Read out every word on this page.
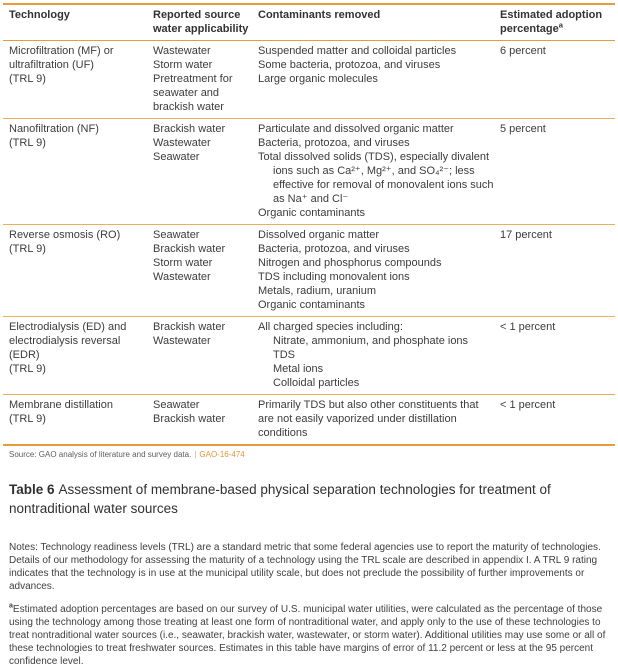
Technology	Reported source water applicability
Contaminants removed	Estimated adoption percentage$^a$
Microfiltration (MF) or ultrafiltration (UF)
(TRL 9)
Wastewater
Storm water
Pretreatment for seawater and brackish water
Suspended matter and colloidal particles
Some bacteria, protozoa, and viruses
Large organic molecules
6 percent
Nanofiltration (NF)
(TRL 9)
Brackish water
Wastewater
Seawater
Particulate and dissolved organic matter
Bacteria, protozoa, and viruses
Total dissolved solids (TDS), especially divalent ions such as Ca²⁺, Mg²⁺, and SO₄²⁻; less effective for removal of monovalent ions such as Na⁺ and Cl⁻
Organic contaminants
5 percent
Reverse osmosis (RO)
(TRL 9)
Seawater
Brackish water
Storm water
Wastewater
Dissolved organic matter
Bacteria, protozoa, and viruses
Nitrogen and phosphorus compounds
TDS including monovalent ions
Metals, radium, uranium
Organic contaminants
17 percent
Electrodialysis (ED) and electrodialysis reversal (EDR)
(TRL 9)
Brackish water
Wastewater
All charged species including:
Nitrate, ammonium, and phosphate ions
TDS
Metal ions
Colloidal particles
< 1 percent
Membrane distillation
(TRL 9)
Seawater
Brackish water
Primarily TDS but also other constituents that are not easily vaporized under distillation conditions
< 1 percent
Source: GAO analysis of literature and survey data. | GAO-16-474
Table 6 Assessment of membrane-based physical separation technologies for treatment of nontraditional water sources
Notes: Technology readiness levels (TRL) are a standard metric that some federal agencies use to report the maturity of technologies. Details of our methodology for assessing the maturity of a technology using the TRL scale are described in appendix I. A TRL 9 rating indicates that the technology is in use at the municipal utility scale, but does not preclude the possibility of further improvements or advances.
$^a$Estimated adoption percentages are based on our survey of U.S. municipal water utilities, were calculated as the percentage of those using the technology among those treating at least one form of nontraditional water, and apply only to the use of these technologies to treat nontraditional water sources (i.e., seawater, brackish water, wastewater, or storm water). Additional utilities may use some or all of these technologies to treat freshwater sources. Estimates in this table have margins of error of 11.2 percent or less at the 95 percent confidence level.
